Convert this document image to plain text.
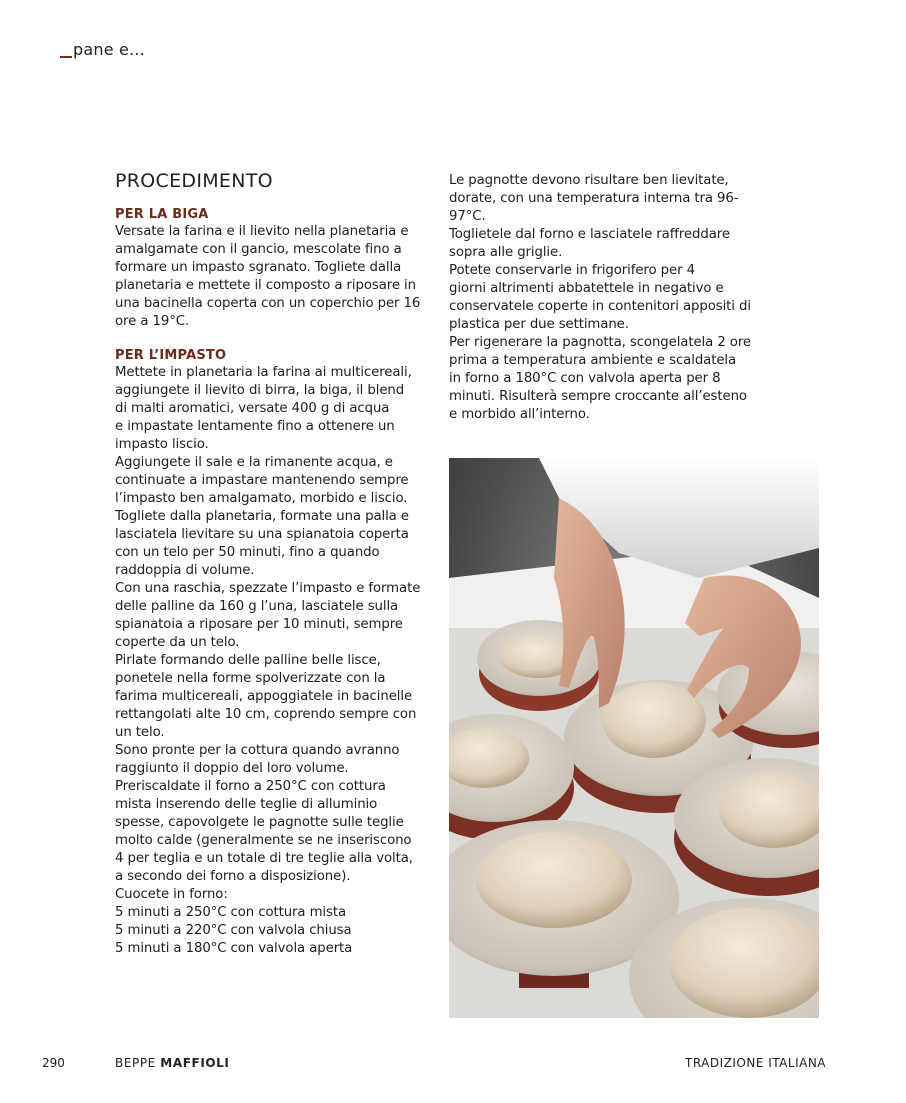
pane e...
PROCEDIMENTO
PER LA BIGA

Versate la farina e il lievito nella planetaria e
amalgamate con il gancio, mescolate fino a
formare un impasto sgranato. Togliete dalla
planetaria e mettete il composto a riposare in
una bacinella coperta con un coperchio per 16
ore a 19°C.

PER L’IMPASTO

Mettete in planetaria la farina ai multicereali,
aggiungete il lievito di birra, la biga, il blend
di malti aromatici, versate 400 g di acqua
e impastate lentamente fino a ottenere un
impasto liscio.
Aggiungete il sale e la rimanente acqua, e
continuate a impastare mantenendo sempre
l’impasto ben amalgamato, morbido e liscio.
Togliete dalla planetaria, formate una palla e
lasciatela lievitare su una spianatoia coperta
con un telo per 50 minuti, fino a quando
raddoppia di volume.
Con una raschia, spezzate l’impasto e formate
delle palline da 160 g l’una, lasciatele sulla
spianatoia a riposare per 10 minuti, sempre
coperte da un telo.
Pirlate formando delle palline belle lisce,
ponetele nella forme spolverizzate con la
farima multicereali, appoggiatele in bacinelle
rettangolati alte 10 cm, coprendo sempre con
un telo.
Sono pronte per la cottura quando avranno
raggiunto il doppio del loro volume.
Preriscaldate il forno a 250°C con cottura
mista inserendo delle teglie di alluminio
spesse, capovolgete le pagnotte sulle teglie
molto calde (generalmente se ne inseriscono
4 per teglia e un totale di tre teglie alla volta,
a secondo dei forno a disposizione).
Cuocete in forno:
5 minuti a 250°C con cottura mista
5 minuti a 220°C con valvola chiusa
5 minuti a 180°C con valvola aperta

Le pagnotte devono risultare ben lievitate,
dorate, con una temperatura interna tra 96-
97°C.
Toglietele dal forno e lasciatele raffreddare
sopra alle griglie.
Potete conservarle in frigorifero per 4
giorni altrimenti abbatettele in negativo e
conservatele coperte in contenitori appositi di
plastica per due settimane.
Per rigenerare la pagnotta, scongelatela 2 ore
prima a temperatura ambiente e scaldatela
in forno a 180°C con valvola aperta per 8
minuti. Risulterà sempre croccante all’esteno
e morbido all’interno.

290	BEPPE MAFFIOLI	TRADIZIONE ITALIANA
